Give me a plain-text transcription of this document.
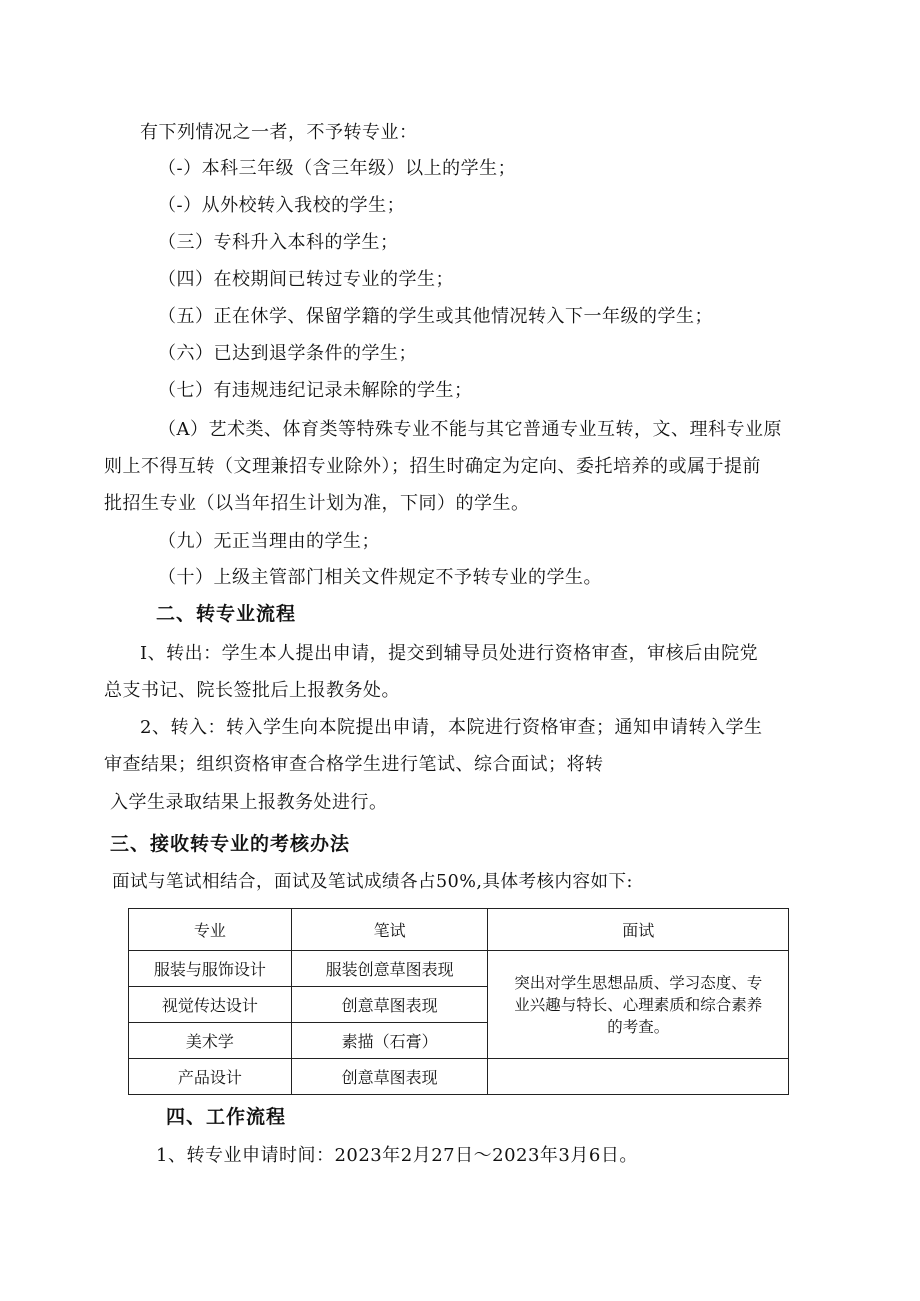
有下列情况之一者，不予转专业：
（-）本科三年级（含三年级）以上的学生；
（-）从外校转入我校的学生；
（三）专科升入本科的学生；
（四）在校期间已转过专业的学生；
（五）正在休学、保留学籍的学生或其他情况转入下一年级的学生；
（六）已达到退学条件的学生；
（七）有违规违纪记录未解除的学生；
（A）艺术类、体育类等特殊专业不能与其它普通专业互转，文、理科专业原
则上不得互转（文理兼招专业除外）；招生时确定为定向、委托培养的或属于提前
批招生专业（以当年招生计划为准，下同）的学生。
（九）无正当理由的学生；
（十）上级主管部门相关文件规定不予转专业的学生。
二、转专业流程
I、转出：学生本人提出申请，提交到辅导员处进行资格审查，审核后由院党
总支书记、院长签批后上报教务处。
2、转入：转入学生向本院提出申请，本院进行资格审查；通知申请转入学生
审查结果；组织资格审查合格学生进行笔试、综合面试；将转
入学生录取结果上报教务处进行。
三、接收转专业的考核办法
面试与笔试相结合，面试及笔试成绩各占50%,具体考核内容如下:
专业	笔试	面试
服装与服饰设计	服装创意草图表现	突出对学生思想品质、学习态度、专
业兴趣与特长、心理素质和综合素养
的考查。

视觉传达设计	创意草图表现	
美术学	素描（石膏）	
产品设计	创意草图表现	
四、工作流程
1、转专业申请时间：2023年2月27日～2023年3月6日。
